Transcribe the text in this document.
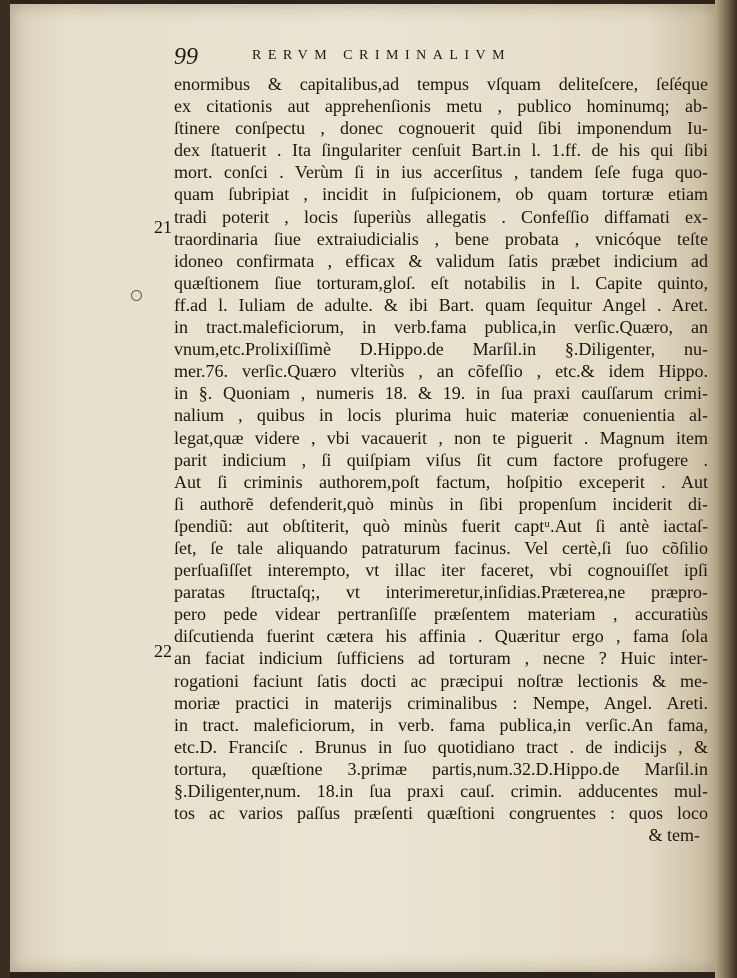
99	RERVM CRIMINALIVM
21
22
enormibus & capitalibus,ad tempus vſquam deliteſcere, ſeſéque
ex citationis aut apprehenſionis metu , publico hominumq; ab-
ſtinere conſpectu , donec cognouerit quid ſibi imponendum Iu-
dex ſtatuerit . Ita ſingulariter cenſuit Bart.in l. 1.ff. de his qui ſibi
mort. conſci . Verùm ſi in ius accerſitus , tandem ſeſe fuga quo-
quam ſubripiat , incidit in ſuſpicionem, ob quam torturæ etiam
tradi poterit , locis ſuperiùs allegatis . Confeſſio diffamati ex-
traordinaria ſiue extraiudicialis , bene probata , vnicóque teſte
idoneo confirmata , efficax & validum ſatis præbet indicium ad
quæſtionem ſiue torturam,gloſ. eſt notabilis in l. Capite quinto,
ff.ad l. Iuliam de adulte. & ibi Bart. quam ſequitur Angel . Aret.
in tract.maleficiorum, in verb.fama publica,in verſic.Quæro, an
vnum,etc.Prolixiſſimè D.Hippo.de Marſil.in §.Diligenter, nu-
mer.76. verſic.Quæro vlteriùs , an cõfeſſio , etc.& idem Hippo.
in §. Quoniam , numeris 18. & 19. in ſua praxi cauſſarum crimi-
nalium , quibus in locis plurima huic materiæ conuenientia al-
legat,quæ videre , vbi vacauerit , non te piguerit . Magnum item
parit indicium , ſi quiſpiam viſus ſit cum factore profugere .
Aut ſi criminis authorem,poſt factum, hoſpitio exceperit . Aut
ſi authorẽ defenderit,quò minùs in ſibi propenſum inciderit di-
ſpendiũ: aut obſtiterit, quò minùs fuerit captᵘ.Aut ſi antè iactaſ-
ſet, ſe tale aliquando patraturum facinus. Vel certè,ſi ſuo cõſilio
perſuaſiſſet interempto, vt illac iter faceret, vbi cognouiſſet ipſi
paratas ſtructaſq;, vt interimeretur,inſidias.Prӕterea,ne præpro-
pero pede videar pertranſiſſe præſentem materiam , accuratiùs
diſcutienda fuerint cætera his affinia . Quæritur ergo , fama ſola
an faciat indicium ſufficiens ad torturam , necne ? Huic inter-
rogationi faciunt ſatis docti ac præcipui noſtræ lectionis & me-
moriæ practici in materijs criminalibus : Nempe, Angel. Areti.
in tract. maleficiorum, in verb. fama publica,in verſic.An fama,
etc.D. Franciſc . Brunus in ſuo quotidiano tract . de indicijs , &
tortura, quæſtione 3.primæ partis,num.32.D.Hippo.de Marſil.in
§.Diligenter,num. 18.in ſua praxi cauſ. crimin. adducentes mul-
tos ac varios paſſus præſenti quæſtioni congruentes : quos loco
& tem-
